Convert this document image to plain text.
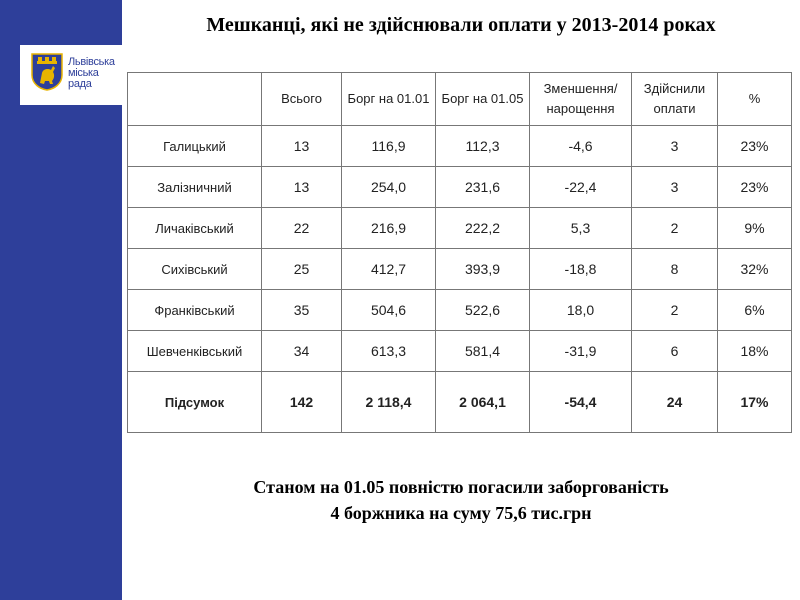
Львівська
міська
рада
Мешканці, які не здійснювали оплати у 2013-2014 роках
	Всього	Борг на 01.01	Борг на 01.05	Зменшення/ нарощення	Здійснили оплати	%
Галицький	13	116,9	112,3	-4,6	3	23%
Залізничний	13	254,0	231,6	-22,4	3	23%
Личаківський	22	216,9	222,2	5,3	2	9%
Сихівський	25	412,7	393,9	-18,8	8	32%
Франківський	35	504,6	522,6	18,0	2	6%
Шевченківський	34	613,3	581,4	-31,9	6	18%
Підсумок	142	2 118,4	2 064,1	-54,4	24	17%
Станом на 01.05 повністю погасили заборгованість
4 боржника на суму 75,6 тис.грн
